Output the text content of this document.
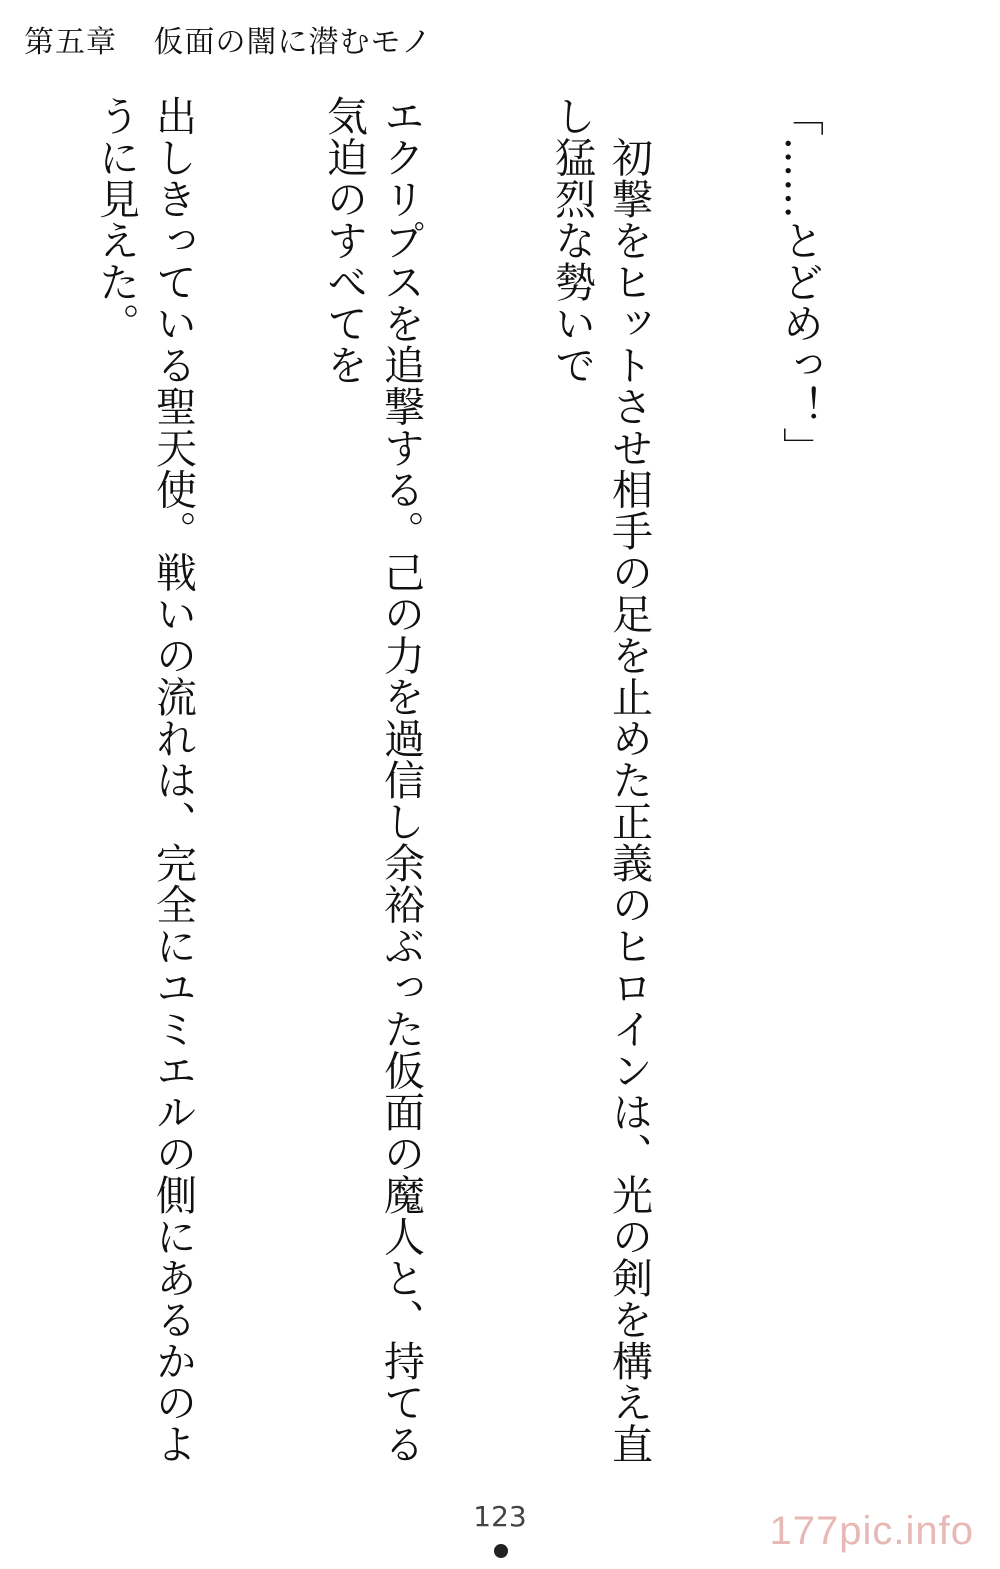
第五章 仮面の闇に潜むモノ

「……とどめっ！」

　初撃をヒットさせ相手の足を止めた正義のヒロインは、光の剣を構え直し猛烈な勢いで

エクリプスを追撃する。己の力を過信し余裕ぶった仮面の魔人と、持てる気迫のすべてを

出しきっている聖天使。戦いの流れは、完全にユミエルの側にあるかのように見えた。

123	177pic.info
